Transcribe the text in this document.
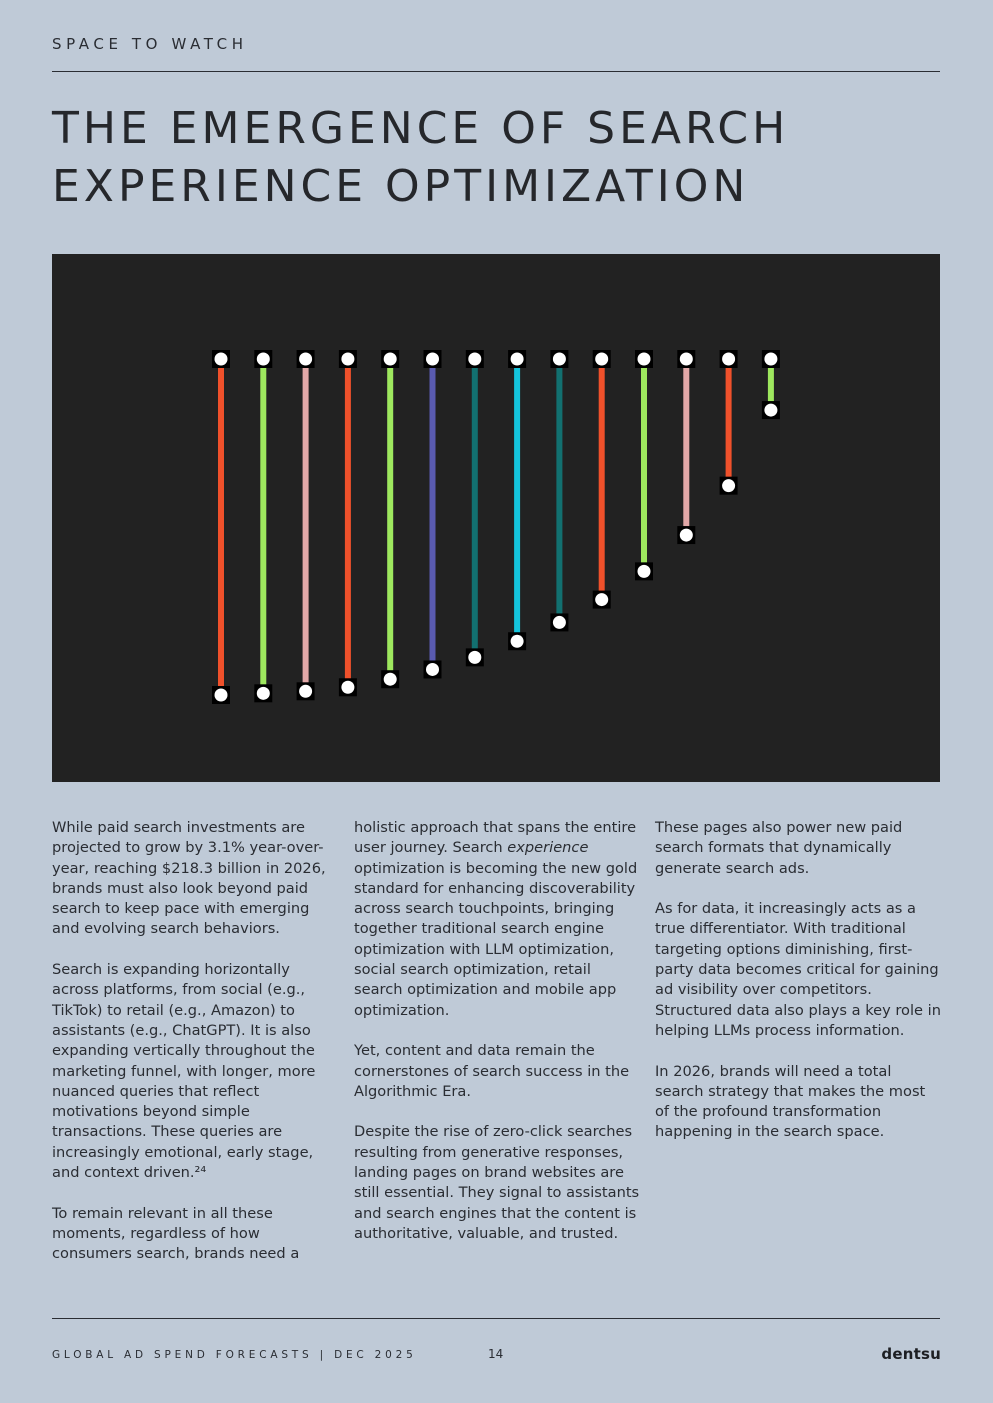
SPACE TO WATCH
THE EMERGENCE OF SEARCH
EXPERIENCE OPTIMIZATION

While paid search investments are projected to grow by 3.1% year-over-year, reaching $218.3 billion in 2026, brands must also look beyond paid search to keep pace with emerging and evolving search behaviors.

Search is expanding horizontally across platforms, from social (e.g., TikTok) to retail (e.g., Amazon) to assistants (e.g., ChatGPT). It is also expanding vertically throughout the marketing funnel, with longer, more nuanced queries that reflect motivations beyond simple transactions. These queries are increasingly emotional, early stage, and context driven.²⁴

To remain relevant in all these moments, regardless of how consumers search, brands need a

holistic approach that spans the entire user journey. Search experience optimization is becoming the new gold standard for enhancing discoverability across search touchpoints, bringing together traditional search engine optimization with LLM optimization, social search optimization, retail search optimization and mobile app optimization.

Yet, content and data remain the cornerstones of search success in the Algorithmic Era.

Despite the rise of zero-click searches resulting from generative responses, landing pages on brand websites are still essential. They signal to assistants and search engines that the content is authoritative, valuable, and trusted.

These pages also power new paid search formats that dynamically generate search ads.

As for data, it increasingly acts as a true differentiator. With traditional targeting options diminishing, first-party data becomes critical for gaining ad visibility over competitors. Structured data also plays a key role in helping LLMs process information.

In 2026, brands will need a total search strategy that makes the most of the profound transformation happening in the search space.

GLOBAL AD SPEND FORECASTS | DEC 2025	14	dentsu
